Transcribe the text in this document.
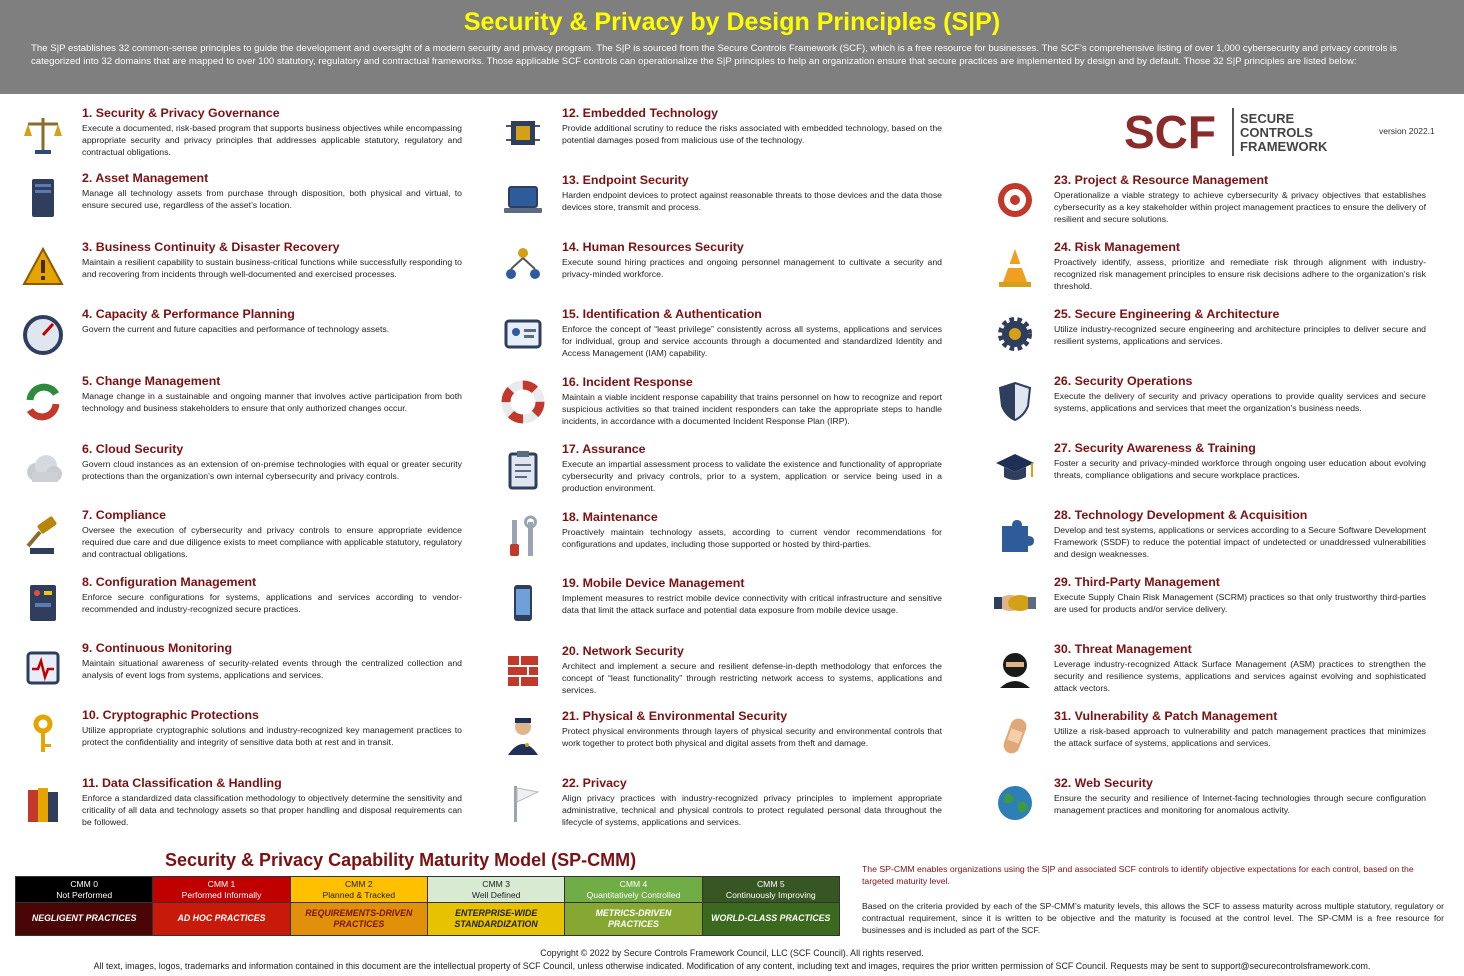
Security & Privacy by Design Principles (S|P)

The S|P establishes 32 common-sense principles to guide the development and oversight of a modern security and privacy program. The S|P is sourced from the Secure Controls Framework (SCF), which is a free resource for businesses. The SCF’s comprehensive listing of over 1,000 cybersecurity and privacy controls is categorized into 32 domains that are mapped to over 100 statutory, regulatory and contractual frameworks. Those applicable SCF controls can operationalize the S|P principles to help an organization ensure that secure practices are implemented by design and by default. Those 32 S|P principles are listed below:

SCF SECURE
CONTROLS
FRAMEWORK
version 2022.1
1. Security & Privacy Governance
Execute a documented, risk-based program that supports business objectives while encompassing appropriate security and privacy principles that addresses applicable statutory, regulatory and contractual obligations.
2. Asset Management
Manage all technology assets from purchase through disposition, both physical and virtual, to ensure secured use, regardless of the asset’s location.
3. Business Continuity & Disaster Recovery
Maintain a resilient capability to sustain business-critical functions while successfully responding to and recovering from incidents through well-documented and exercised processes.
4. Capacity & Performance Planning
Govern the current and future capacities and performance of technology assets.
5. Change Management
Manage change in a sustainable and ongoing manner that involves active participation from both technology and business stakeholders to ensure that only authorized changes occur.
6. Cloud Security
Govern cloud instances as an extension of on-premise technologies with equal or greater security protections than the organization’s own internal cybersecurity and privacy controls.
7. Compliance
Oversee the execution of cybersecurity and privacy controls to ensure appropriate evidence required due care and due diligence exists to meet compliance with applicable statutory, regulatory and contractual obligations.
8. Configuration Management
Enforce secure configurations for systems, applications and services according to vendor-recommended and industry-recognized secure practices.
9. Continuous Monitoring
Maintain situational awareness of security-related events through the centralized collection and analysis of event logs from systems, applications and services.
10. Cryptographic Protections
Utilize appropriate cryptographic solutions and industry-recognized key management practices to protect the confidentiality and integrity of sensitive data both at rest and in transit.
11. Data Classification & Handling
Enforce a standardized data classification methodology to objectively determine the sensitivity and criticality of all data and technology assets so that proper handling and disposal requirements can be followed.
12. Embedded Technology
Provide additional scrutiny to reduce the risks associated with embedded technology, based on the potential damages posed from malicious use of the technology.
13. Endpoint Security
Harden endpoint devices to protect against reasonable threats to those devices and the data those devices store, transmit and process.
14. Human Resources Security
Execute sound hiring practices and ongoing personnel management to cultivate a security and privacy-minded workforce.
15. Identification & Authentication
Enforce the concept of “least privilege” consistently across all systems, applications and services for individual, group and service accounts through a documented and standardized Identity and Access Management (IAM) capability.
16. Incident Response
Maintain a viable incident response capability that trains personnel on how to recognize and report suspicious activities so that trained incident responders can take the appropriate steps to handle incidents, in accordance with a documented Incident Response Plan (IRP).
17. Assurance
Execute an impartial assessment process to validate the existence and functionality of appropriate cybersecurity and privacy controls, prior to a system, application or service being used in a production environment.
18. Maintenance
Proactively maintain technology assets, according to current vendor recommendations for configurations and updates, including those supported or hosted by third-parties.
19. Mobile Device Management
Implement measures to restrict mobile device connectivity with critical infrastructure and sensitive data that limit the attack surface and potential data exposure from mobile device usage.
20. Network Security
Architect and implement a secure and resilient defense-in-depth methodology that enforces the concept of “least functionality” through restricting network access to systems, applications and services.
21. Physical & Environmental Security
Protect physical environments through layers of physical security and environmental controls that work together to protect both physical and digital assets from theft and damage.
22. Privacy
Align privacy practices with industry-recognized privacy principles to implement appropriate administrative, technical and physical controls to protect regulated personal data throughout the lifecycle of systems, applications and services.
23. Project & Resource Management
Operationalize a viable strategy to achieve cybersecurity & privacy objectives that establishes cybersecurity as a key stakeholder within project management practices to ensure the delivery of resilient and secure solutions.
24. Risk Management
Proactively identify, assess, prioritize and remediate risk through alignment with industry-recognized risk management principles to ensure risk decisions adhere to the organization's risk threshold.
25. Secure Engineering & Architecture
Utilize industry-recognized secure engineering and architecture principles to deliver secure and resilient systems, applications and services.
26. Security Operations
Execute the delivery of security and privacy operations to provide quality services and secure systems, applications and services that meet the organization's business needs.
27. Security Awareness & Training
Foster a security and privacy-minded workforce through ongoing user education about evolving threats, compliance obligations and secure workplace practices.
28. Technology Development & Acquisition
Develop and test systems, applications or services according to a Secure Software Development Framework (SSDF) to reduce the potential impact of undetected or unaddressed vulnerabilities and design weaknesses.
29. Third-Party Management
Execute Supply Chain Risk Management (SCRM) practices so that only trustworthy third-parties are used for products and/or service delivery.
30. Threat Management
Leverage industry-recognized Attack Surface Management (ASM) practices to strengthen the security and resilience systems, applications and services against evolving and sophisticated attack vectors.
31. Vulnerability & Patch Management
Utilize a risk-based approach to vulnerability and patch management practices that minimizes the attack surface of systems, applications and services.
32. Web Security
Ensure the security and resilience of Internet-facing technologies through secure configuration management practices and monitoring for anomalous activity.
Security & Privacy Capability Maturity Model (SP-CMM)
CMM 0
Not Performed
NEGLIGENT PRACTICES
CMM 1
Performed Informally
AD HOC PRACTICES
CMM 2
Planned & Tracked
REQUIREMENTS-DRIVEN PRACTICES
CMM 3
Well Defined
ENTERPRISE-WIDE STANDARDIZATION
CMM 4
Quantitatively Controlled
METRICS-DRIVEN PRACTICES
CMM 5
Continuously Improving
WORLD-CLASS PRACTICES
The SP-CMM enables organizations using the S|P and associated SCF controls to identify objective expectations for each control, based on the targeted maturity level.
Based on the criteria provided by each of the SP-CMM’s maturity levels, this allows the SCF to assess maturity across multiple statutory, regulatory or contractual requirement, since it is written to be objective and the maturity is focused at the control level. The SP-CMM is a free resource for businesses and is included as part of the SCF.
Copyright © 2022 by Secure Controls Framework Council, LLC (SCF Council). All rights reserved.
All text, images, logos, trademarks and information contained in this document are the intellectual property of SCF Council, unless otherwise indicated. Modification of any content, including text and images, requires the prior written permission of SCF Council. Requests may be sent to support@securecontrolsframework.com.
